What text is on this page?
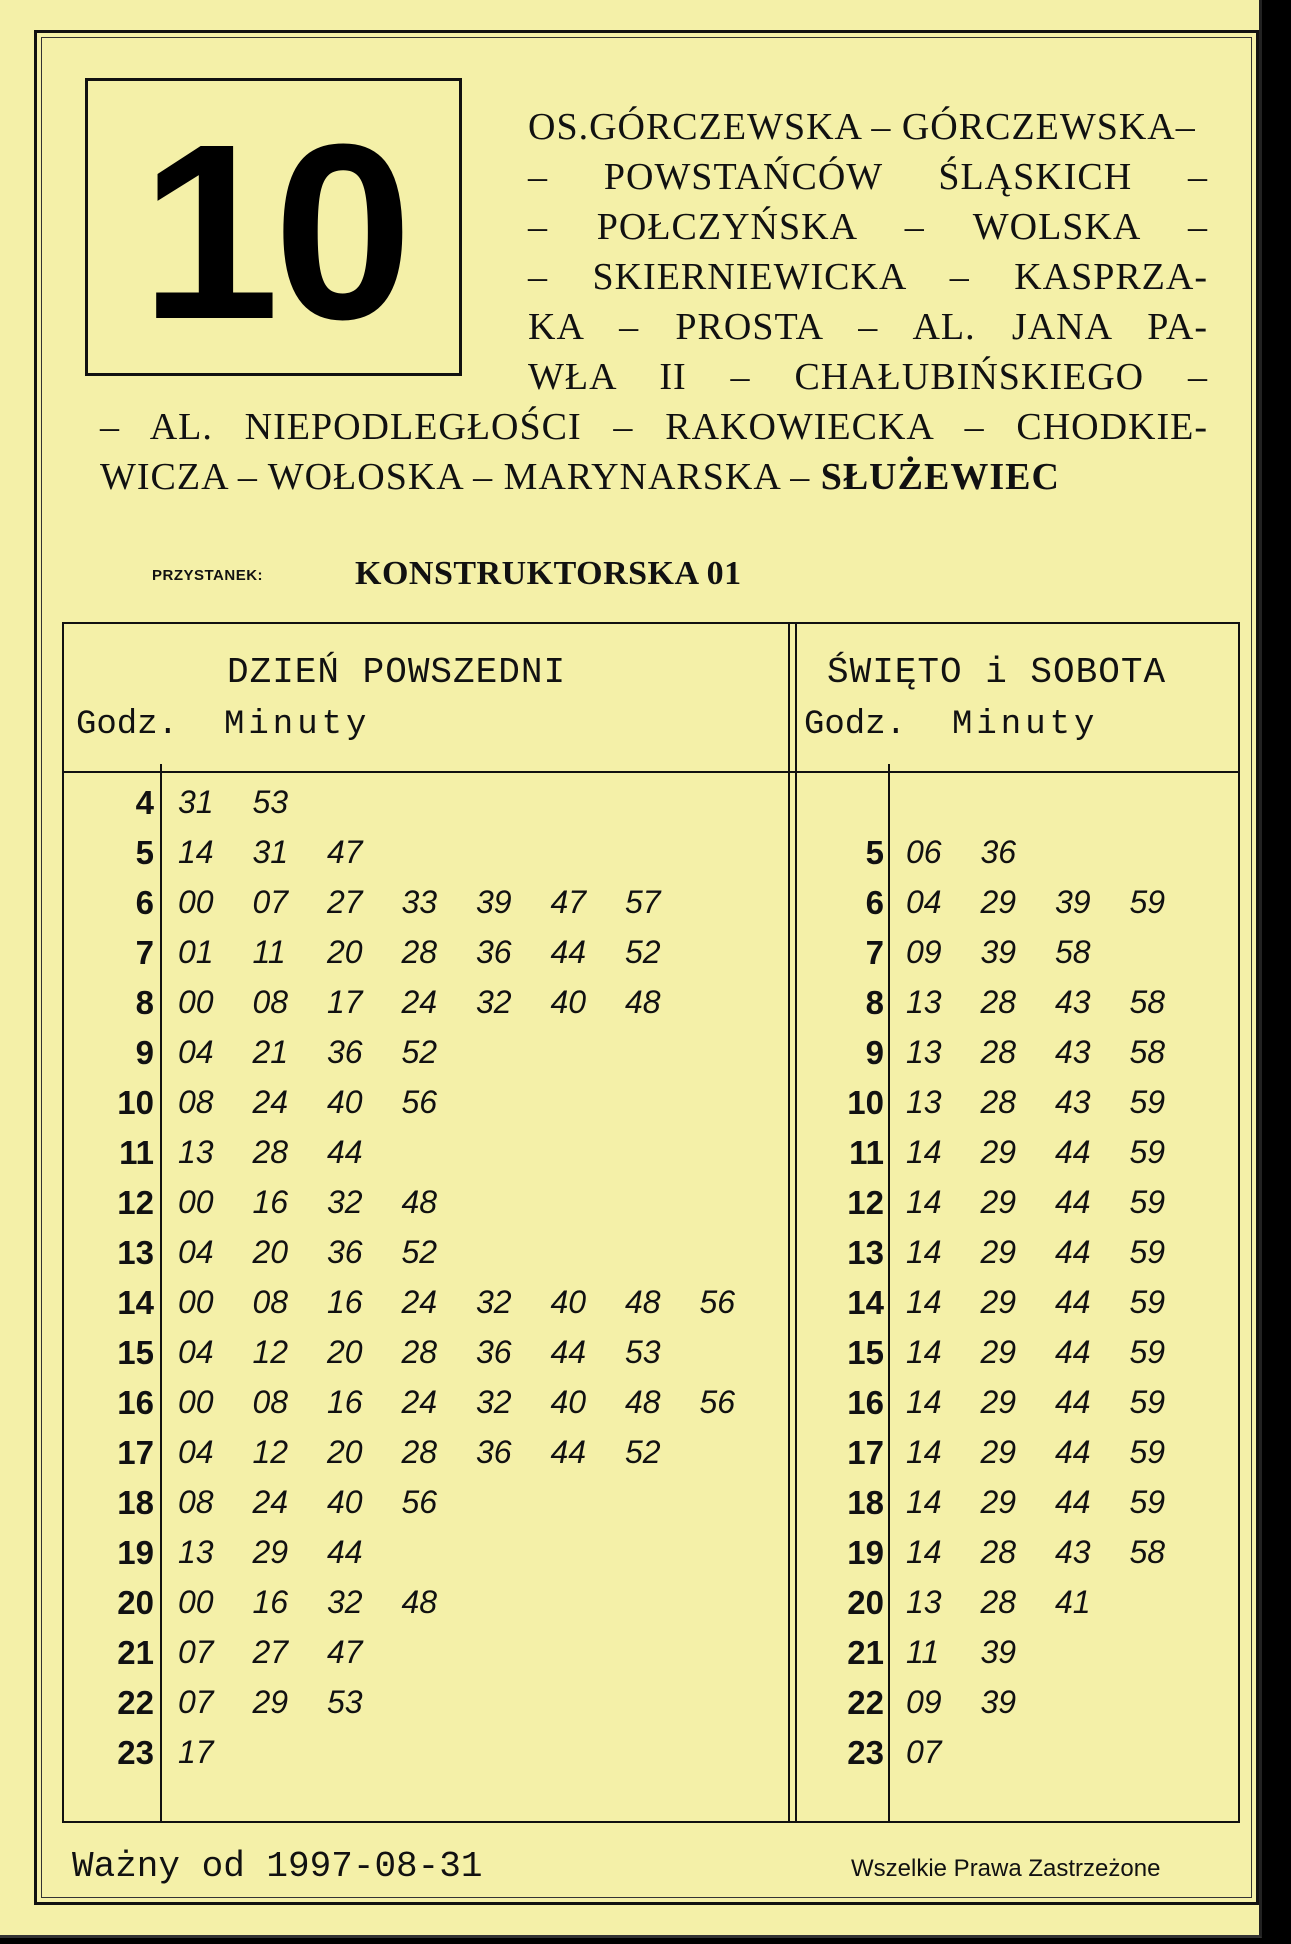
10	OS.GÓRCZEWSKA – GÓRCZEWSKA–
– POWSTAŃCÓW ŚLĄSKICH –
– POŁCZYŃSKA – WOLSKA –
– SKIERNIEWICKA – KASPRZA-
KA – PROSTA – AL. JANA PA-
WŁA II – CHAŁUBIŃSKIEGO –
– AL. NIEPODLEGŁOŚCI – RAKOWIECKA – CHODKIE-
WICZA – WOŁOSKA – MARYNARSKA – SŁUŻEWIEC
PRZYSTANEK:	KONSTRUKTORSKA 01
DZIEŃ POWSZEDNI
Godz. Minuty
ŚWIĘTO i SOBOTA
Godz. Minuty
4 31 53
5 14 31 47
6 00 07 27 33 39 47 57
7 01 11 20 28 36 44 52
8 00 08 17 24 32 40 48
9 04 21 36 52
10 08 24 40 56
11 13 28 44
12 00 16 32 48
13 04 20 36 52
14 00 08 16 24 32 40 48 56
15 04 12 20 28 36 44 53
16 00 08 16 24 32 40 48 56
17 04 12 20 28 36 44 52
18 08 24 40 56
19 13 29 44
20 00 16 32 48
21 07 27 47
22 07 29 53
23 17
5 06 36
6 04 29 39 59
7 09 39 58
8 13 28 43 58
9 13 28 43 58
10 13 28 43 59
11 14 29 44 59
12 14 29 44 59
13 14 29 44 59
14 14 29 44 59
15 14 29 44 59
16 14 29 44 59
17 14 29 44 59
18 14 29 44 59
19 14 28 43 58
20 13 28 41
21 11 39
22 09 39
23 07
Ważny od 1997-08-31	Wszelkie Prawa Zastrzeżone
